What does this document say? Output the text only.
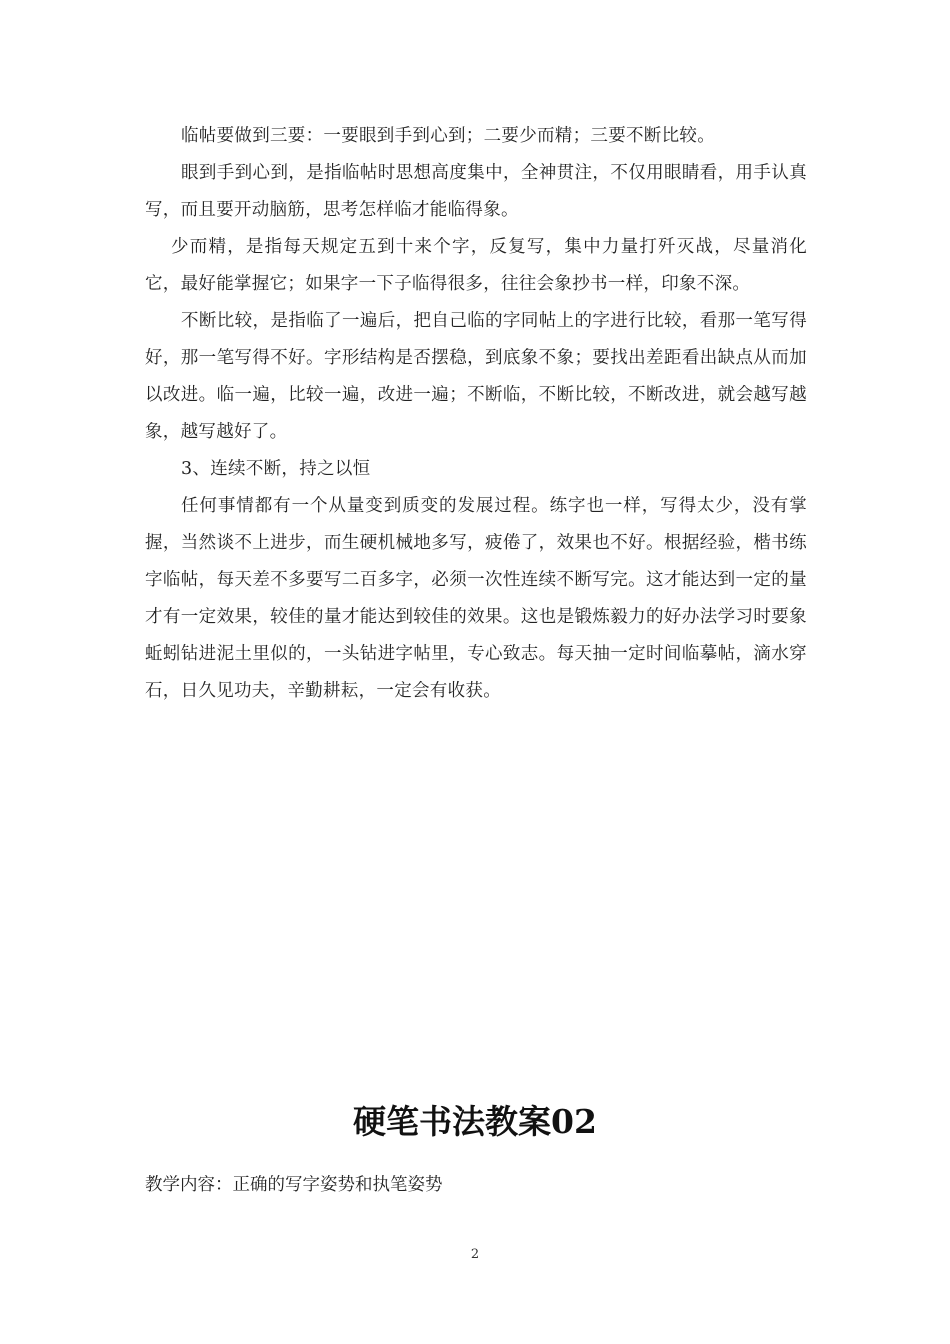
临帖要做到三要：一要眼到手到心到；二要少而精；三要不断比较。

眼到手到心到，是指临帖时思想高度集中，全神贯注，不仅用眼睛看，用手认真写，而且要开动脑筋，思考怎样临才能临得象。

少而精，是指每天规定五到十来个字，反复写，集中力量打歼灭战，尽量消化它，最好能掌握它；如果字一下子临得很多，往往会象抄书一样，印象不深。

不断比较，是指临了一遍后，把自己临的字同帖上的字进行比较，看那一笔写得好，那一笔写得不好。字形结构是否摆稳，到底象不象；要找出差距看出缺点从而加以改进。临一遍，比较一遍，改进一遍；不断临，不断比较，不断改进，就会越写越象，越写越好了。

3、连续不断，持之以恒

任何事情都有一个从量变到质变的发展过程。练字也一样，写得太少，没有掌握，当然谈不上进步，而生硬机械地多写，疲倦了，效果也不好。根据经验，楷书练字临帖，每天差不多要写二百多字，必须一次性连续不断写完。这才能达到一定的量才有一定效果，较佳的量才能达到较佳的效果。这也是锻炼毅力的好办法学习时要象蚯蚓钻进泥土里似的，一头钻进字帖里，专心致志。每天抽一定时间临摹帖，滴水穿石，日久见功夫，辛勤耕耘，一定会有收获。

硬笔书法教案02
教学内容：正确的写字姿势和执笔姿势
2
